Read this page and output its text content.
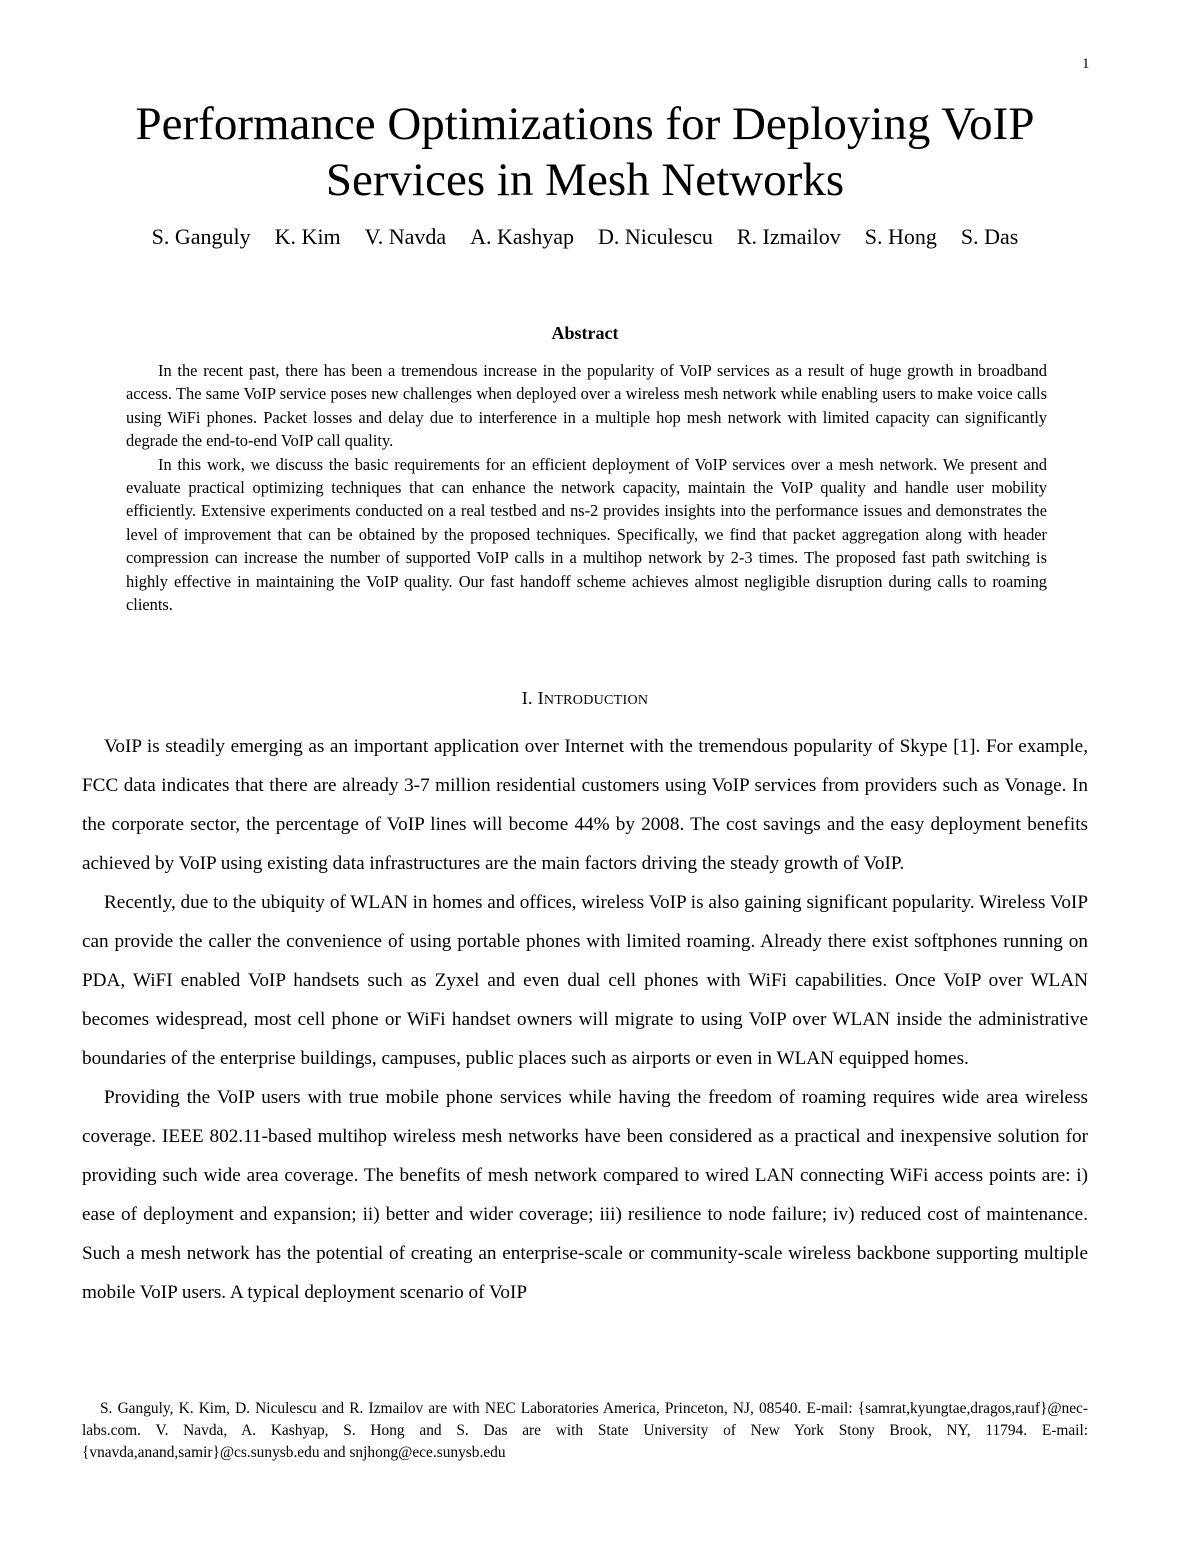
1
Performance Optimizations for Deploying VoIP Services in Mesh Networks
S. Ganguly K. Kim V. Navda A. Kashyap D. Niculescu R. Izmailov S. Hong S. Das
Abstract

In the recent past, there has been a tremendous increase in the popularity of VoIP services as a result of huge growth in broadband access. The same VoIP service poses new challenges when deployed over a wireless mesh network while enabling users to make voice calls using WiFi phones. Packet losses and delay due to interference in a multiple hop mesh network with limited capacity can significantly degrade the end-to-end VoIP call quality.

In this work, we discuss the basic requirements for an efficient deployment of VoIP services over a mesh network. We present and evaluate practical optimizing techniques that can enhance the network capacity, maintain the VoIP quality and handle user mobility efficiently. Extensive experiments conducted on a real testbed and ns-2 provides insights into the performance issues and demonstrates the level of improvement that can be obtained by the proposed techniques. Specifically, we find that packet aggregation along with header compression can increase the number of supported VoIP calls in a multihop network by 2-3 times. The proposed fast path switching is highly effective in maintaining the VoIP quality. Our fast handoff scheme achieves almost negligible disruption during calls to roaming clients.

I. INTRODUCTION

VoIP is steadily emerging as an important application over Internet with the tremendous popularity of Skype [1]. For example, FCC data indicates that there are already 3-7 million residential customers using VoIP services from providers such as Vonage. In the corporate sector, the percentage of VoIP lines will become 44% by 2008. The cost savings and the easy deployment benefits achieved by VoIP using existing data infrastructures are the main factors driving the steady growth of VoIP.

Recently, due to the ubiquity of WLAN in homes and offices, wireless VoIP is also gaining significant popularity. Wireless VoIP can provide the caller the convenience of using portable phones with limited roaming. Already there exist softphones running on PDA, WiFI enabled VoIP handsets such as Zyxel and even dual cell phones with WiFi capabilities. Once VoIP over WLAN becomes widespread, most cell phone or WiFi handset owners will migrate to using VoIP over WLAN inside the administrative boundaries of the enterprise buildings, campuses, public places such as airports or even in WLAN equipped homes.

Providing the VoIP users with true mobile phone services while having the freedom of roaming requires wide area wireless coverage. IEEE 802.11-based multihop wireless mesh networks have been considered as a practical and inexpensive solution for providing such wide area coverage. The benefits of mesh network compared to wired LAN connecting WiFi access points are: i) ease of deployment and expansion; ii) better and wider coverage; iii) resilience to node failure; iv) reduced cost of maintenance. Such a mesh network has the potential of creating an enterprise-scale or community-scale wireless backbone supporting multiple mobile VoIP users. A typical deployment scenario of VoIP

S. Ganguly, K. Kim, D. Niculescu and R. Izmailov are with NEC Laboratories America, Princeton, NJ, 08540. E-mail: {samrat,kyungtae,dragos,rauf}@nec-labs.com. V. Navda, A. Kashyap, S. Hong and S. Das are with State University of New York Stony Brook, NY, 11794. E-mail: {vnavda,anand,samir}@cs.sunysb.edu and snjhong@ece.sunysb.edu
